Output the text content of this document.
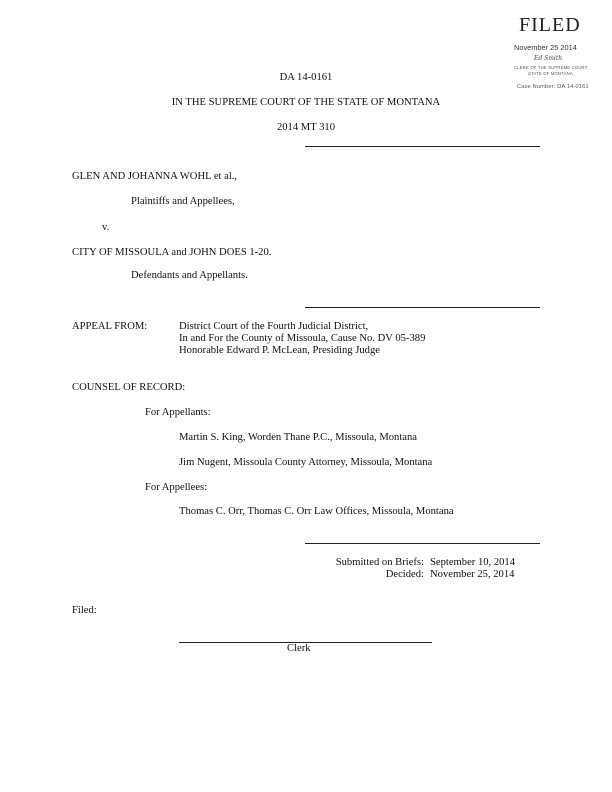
FILED
November 25 2014
Ed Smith
CLERK OF THE SUPREME COURT
STATE OF MONTANA
Case Number: DA 14-0161
DA 14-0161
IN THE SUPREME COURT OF THE STATE OF MONTANA
2014 MT 310
GLEN AND JOHANNA WOHL et al.,
Plaintiffs and Appellees,
v.
CITY OF MISSOULA and JOHN DOES 1-20.
Defendants and Appellants.
APPEAL FROM:	District Court of the Fourth Judicial District,
In and For the County of Missoula, Cause No. DV 05-389
Honorable Edward P. McLean, Presiding Judge
COUNSEL OF RECORD:
For Appellants:
Martin S. King, Worden Thane P.C., Missoula, Montana
Jim Nugent, Missoula County Attorney, Missoula, Montana
For Appellees:
Thomas C. Orr, Thomas C. Orr Law Offices, Missoula, Montana
Submitted on Briefs: September 10, 2014
Decided: November 25, 2014
Filed:
Clerk
